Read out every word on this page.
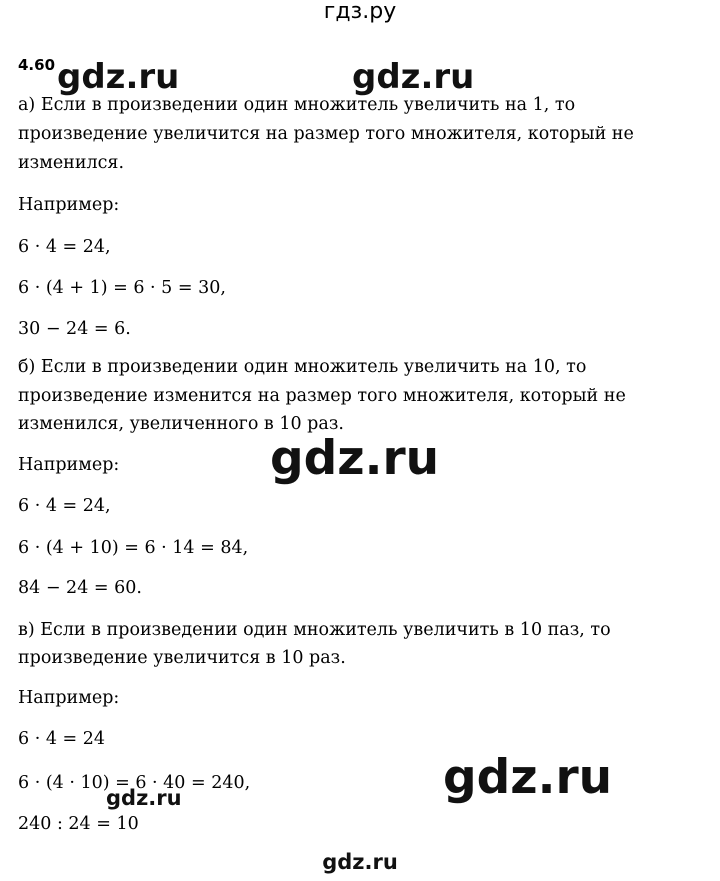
гдз.ру
4.60
а) Если в произведении один множитель увеличить на 1, то
произведение увеличится на размер того множителя, который не
изменился.
Например:
6 · 4 = 24,
6 · (4 + 1) = 6 · 5 = 30,
30 − 24 = 6.
б) Если в произведении один множитель увеличить на 10, то
произведение изменится на размер того множителя, который не
изменился, увеличенного в 10 раз.
Например:
6 · 4 = 24,
6 · (4 + 10) = 6 · 14 = 84,
84 − 24 = 60.
в) Если в произведении один множитель увеличить в 10 паз, то
произведение увеличится в 10 раз.
Например:
6 · 4 = 24
6 · (4 · 10) = 6 · 40 = 240,
240 : 24 = 10
gdz.ru	gdz.ru
gdz.ru
gdz.ru
gdz.ru
gdz.ru
